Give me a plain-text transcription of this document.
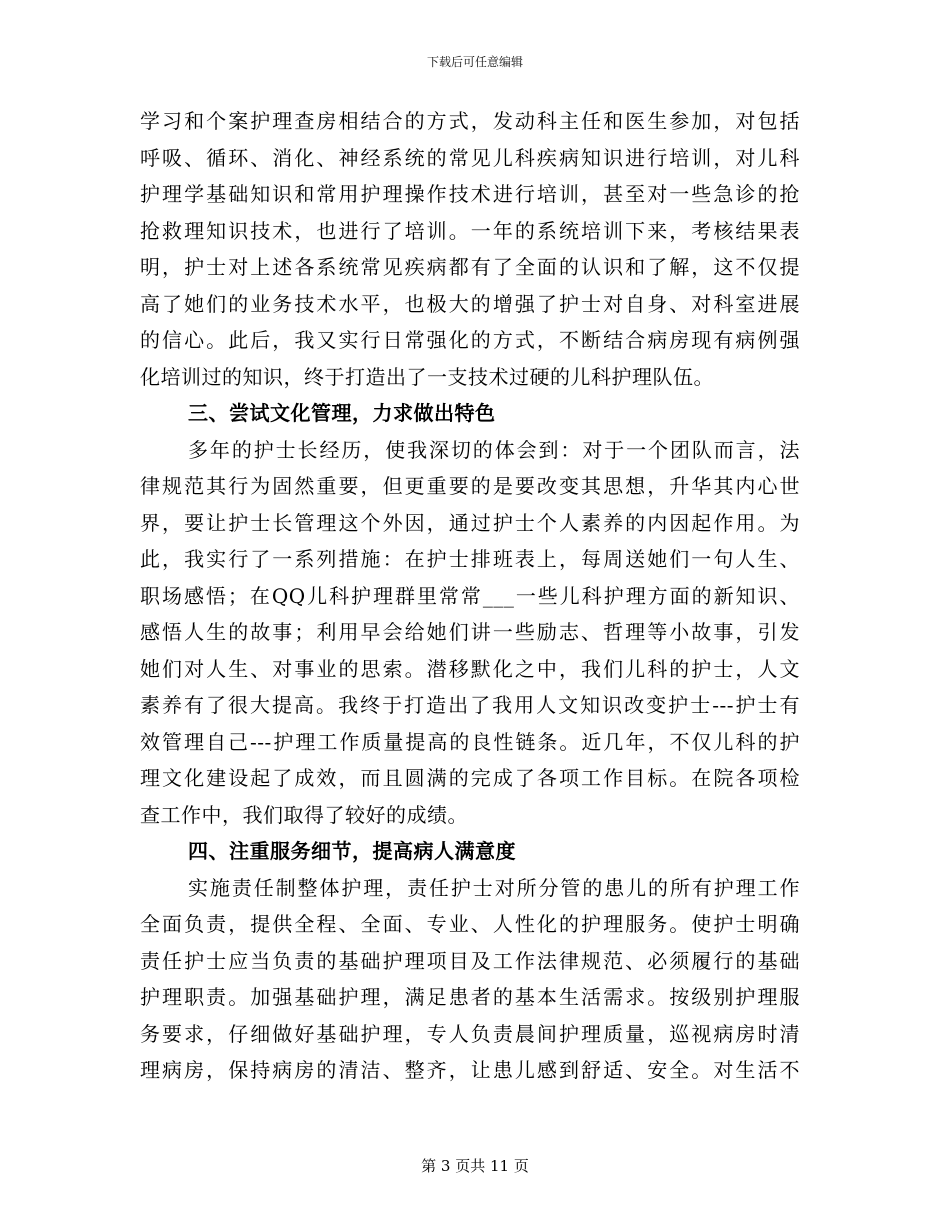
下载后可任意编辑
学习和个案护理查房相结合的方式，发动科主任和医生参加，对包括
呼吸、循环、消化、神经系统的常见儿科疾病知识进行培训，对儿科
护理学基础知识和常用护理操作技术进行培训，甚至对一些急诊的抢
抢救理知识技术，也进行了培训。一年的系统培训下来，考核结果表
明，护士对上述各系统常见疾病都有了全面的认识和了解，这不仅提
高了她们的业务技术水平，也极大的增强了护士对自身、对科室进展
的信心。此后，我又实行日常强化的方式，不断结合病房现有病例强
化培训过的知识，终于打造出了一支技术过硬的儿科护理队伍。
三、尝试文化管理，力求做出特色
多年的护士长经历，使我深切的体会到：对于一个团队而言，法
律规范其行为固然重要，但更重要的是要改变其思想，升华其内心世
界，要让护士长管理这个外因，通过护士个人素养的内因起作用。为
此，我实行了一系列措施：在护士排班表上，每周送她们一句人生、
职场感悟；在QQ儿科护理群里常常___一些儿科护理方面的新知识、
感悟人生的故事；利用早会给她们讲一些励志、哲理等小故事，引发
她们对人生、对事业的思索。潜移默化之中，我们儿科的护士，人文
素养有了很大提高。我终于打造出了我用人文知识改变护士---护士有
效管理自己---护理工作质量提高的良性链条。近几年，不仅儿科的护
理文化建设起了成效，而且圆满的完成了各项工作目标。在院各项检
查工作中，我们取得了较好的成绩。
四、注重服务细节，提高病人满意度
实施责任制整体护理，责任护士对所分管的患儿的所有护理工作
全面负责，提供全程、全面、专业、人性化的护理服务。使护士明确
责任护士应当负责的基础护理项目及工作法律规范、必须履行的基础
护理职责。加强基础护理，满足患者的基本生活需求。按级别护理服
务要求，仔细做好基础护理，专人负责晨间护理质量，巡视病房时清
理病房，保持病房的清洁、整齐，让患儿感到舒适、安全。对生活不
第 3 页共 11 页
